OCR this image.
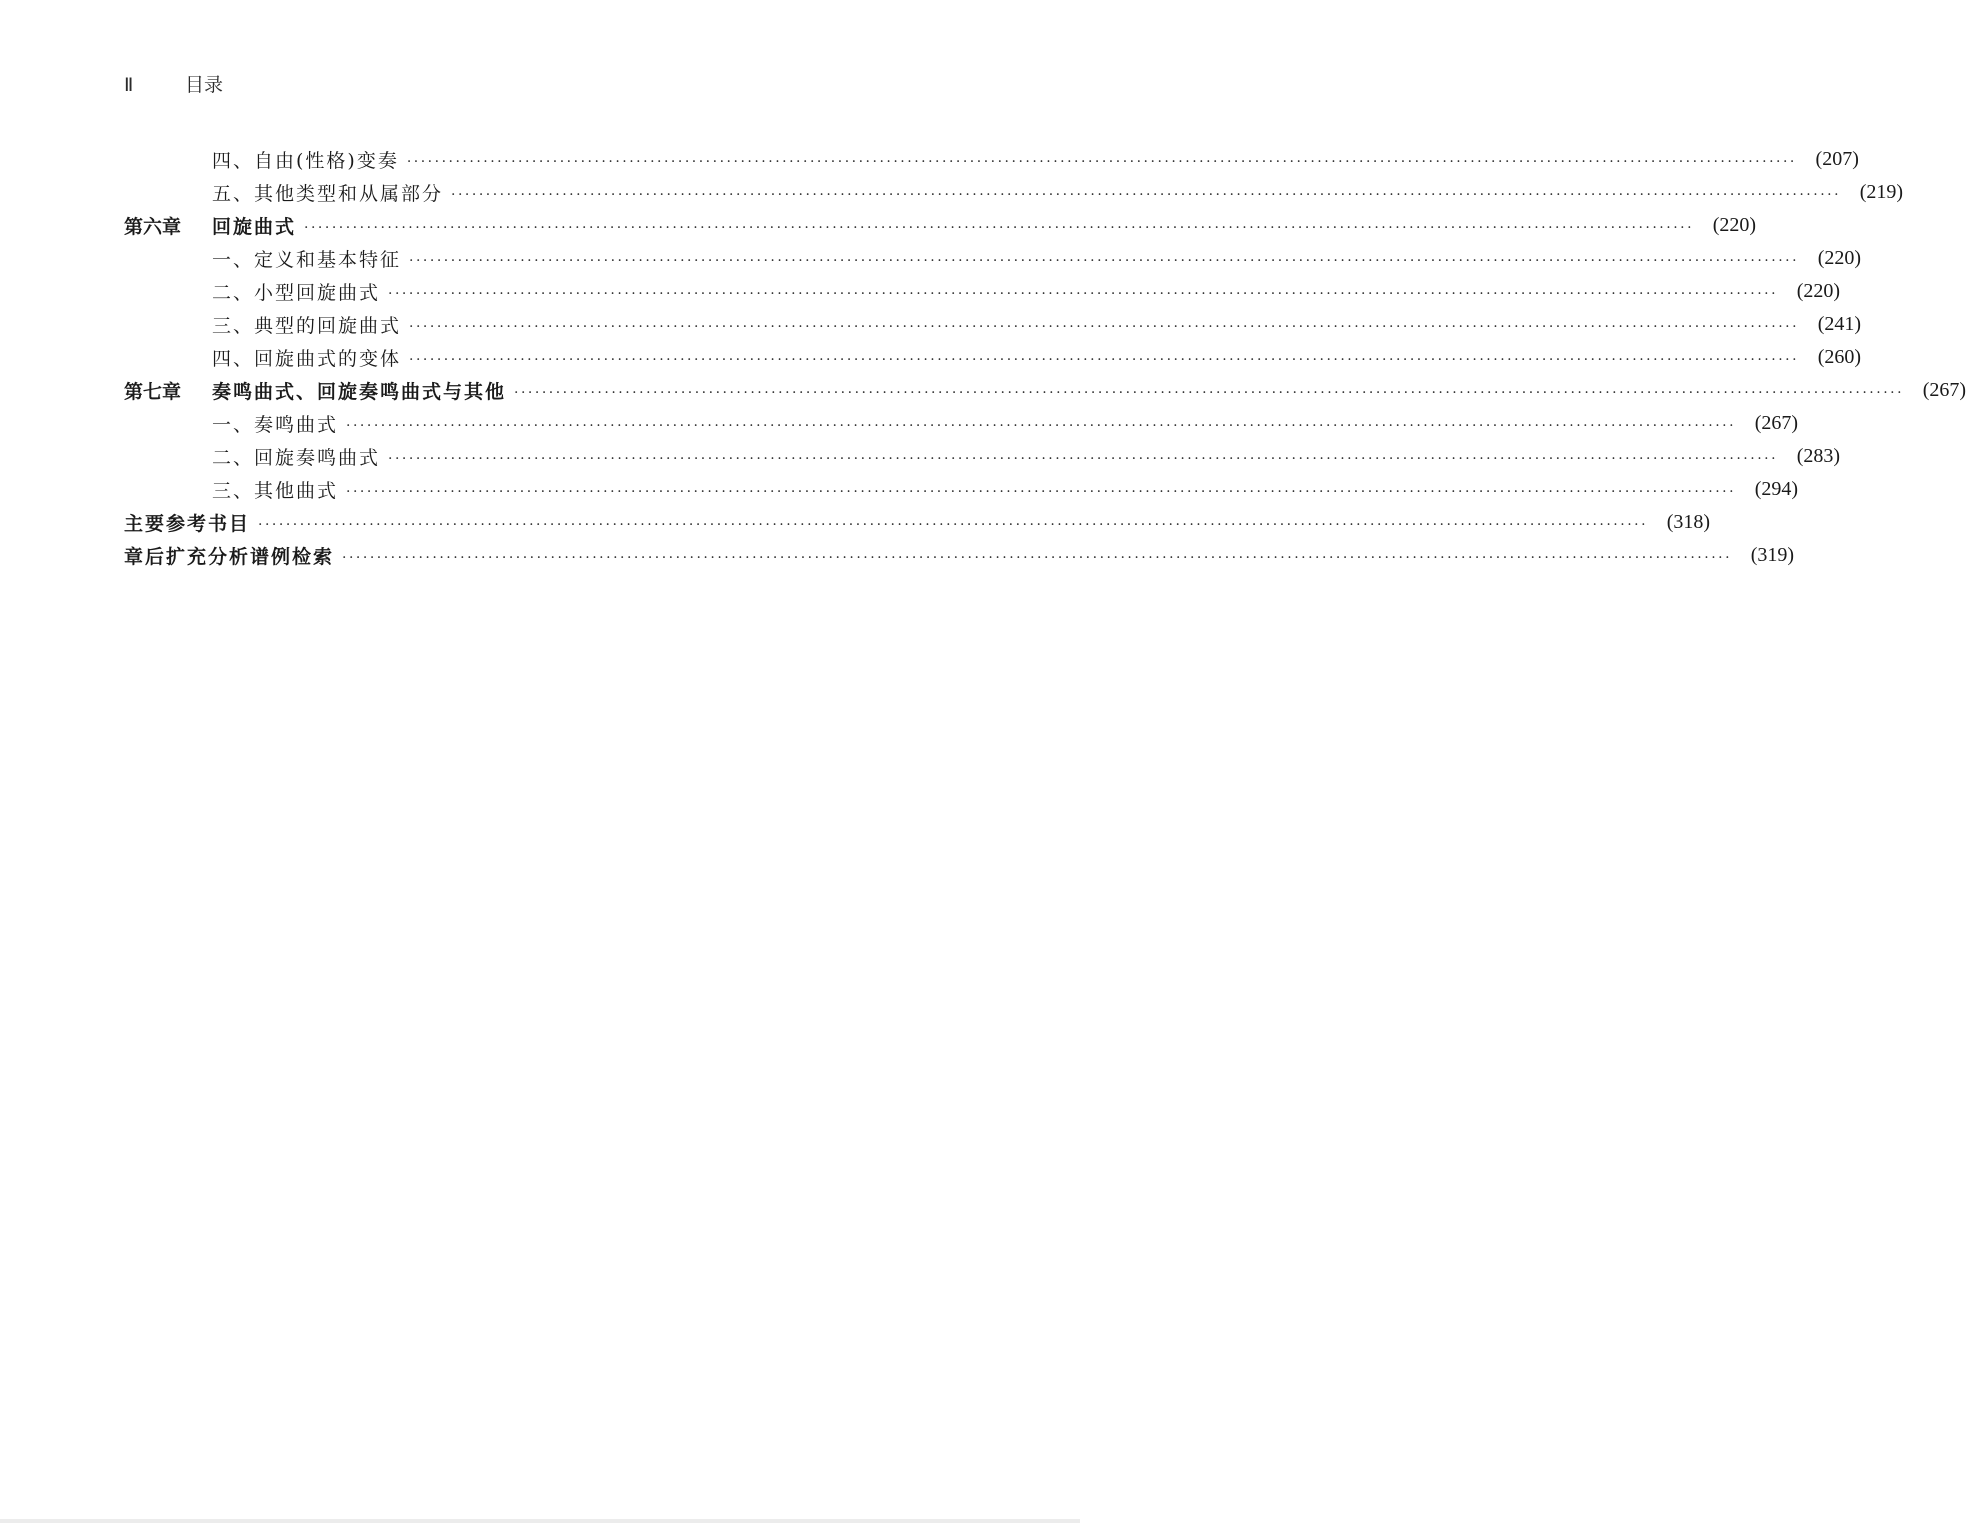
Ⅱ	目录
四、自由(性格)变奏 ········································································································································································································ (207)
五、其他类型和从属部分 ········································································································································································································ (219)
第六章	回旋曲式 ········································································································································································································ (220)
一、定义和基本特征 ········································································································································································································ (220)
二、小型回旋曲式 ········································································································································································································ (220)
三、典型的回旋曲式 ········································································································································································································ (241)
四、回旋曲式的变体 ········································································································································································································ (260)
第七章	奏鸣曲式、回旋奏鸣曲式与其他 ········································································································································································································ (267)
一、奏鸣曲式 ········································································································································································································ (267)
二、回旋奏鸣曲式 ········································································································································································································ (283)
三、其他曲式 ········································································································································································································ (294)
主要参考书目 ········································································································································································································ (318)
章后扩充分析谱例检索 ········································································································································································································ (319)
